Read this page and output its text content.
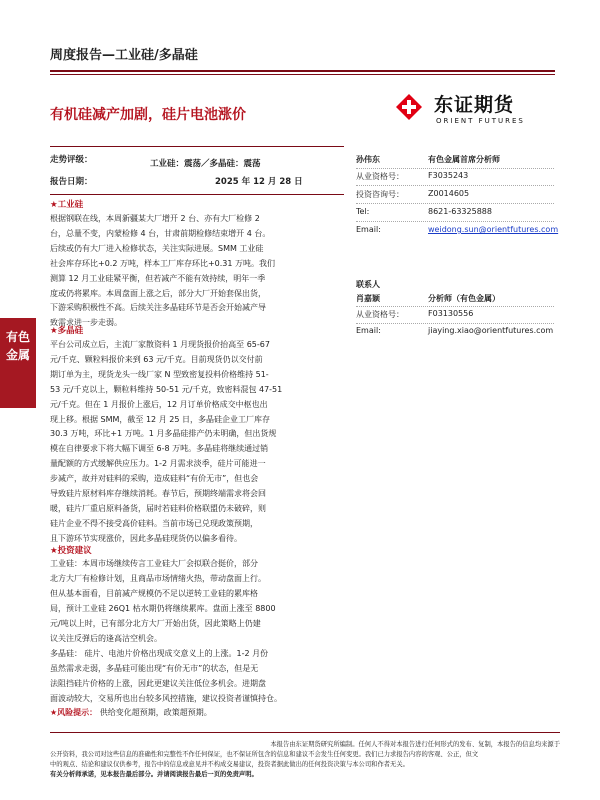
周度报告—工业硅/多晶硅
有机硅减产加剧，硅片电池涨价	东证期货
ORIENT FUTURES
走势评级：	工业硅：震荡／多晶硅：震荡
报告日期：	2025 年 12 月 28 日
有色
金属
★工业硅
根据钢联在线，本周新疆某大厂增开 2 台、亦有大厂检修 2
台，总量不变，内蒙检修 4 台，甘肃前期检修结束增开 4 台。
后续或仍有大厂进入检修状态，关注实际进展。SMM 工业硅
社会库存环比+0.2 万吨，样本工厂库存环比+0.31 万吨。我们
测算 12 月工业硅紧平衡，但若减产不能有效持续，明年一季
度或仍将累库。本周盘面上涨之后，部分大厂开始套保出货，
下游采购积极性不高。后续关注多晶硅环节是否会开始减产导
致需求进一步走弱。
★多晶硅
平台公司成立后，主流厂家散资料 1 月现货报价抬高至 65-67
元/千克、颗粒料报价来到 63 元/千克。目前现货仍以交付前
期订单为主，现货龙头一线厂家 N 型致密复投料价格维持 51-
53 元/千克以上，颗粒料维持 50-51 元/千克，致密料混包 47-51
元/千克。但在 1 月报价上涨后，12 月订单价格成交中枢也出
现上移。根据 SMM，截至 12 月 25 日，多晶硅企业工厂库存
30.3 万吨，环比+1 万吨。1 月多晶硅排产仍未明确，但出货规
模在自律要求下将大幅下调至 6-8 万吨。多晶硅将继续通过销
量配额的方式缓解供应压力。1-2 月需求淡季，硅片可能进一
步减产，故并对硅料的采购，造成硅料“有价无市”，但也会
导致硅片原材料库存继续消耗。春节后，预期终端需求将会回
暖，硅片厂重启原料备货，届时若硅料价格联盟仍未破碎，则
硅片企业不得不接受高价硅料。当前市场已兑现政策预期，
且下游环节实现涨价，因此多晶硅现货仍以偏多看待。
★投资建议
工业硅：本周市场继续传言工业硅大厂会拟联合挺价，部分
北方大厂有检修计划，且商品市场情绪火热，带动盘面上行。
但从基本面看，目前减产规模仍不足以逆转工业硅的累库格
局，预计工业硅 26Q1 枯水期仍将继续累库。盘面上涨至 8800
元/吨以上时，已有部分北方大厂开始出货，因此策略上仍建
议关注反弹后的逢高沽空机会。
多晶硅： 硅片、电池片价格出现成交意义上的上涨。1-2 月份
虽然需求走弱，多晶硅可能出现“有价无市”的状态，但是无
法阻挡硅片价格的上涨，因此更建议关注低位多机会。进期盘
面波动较大，交易所也出台较多风控措施，建议投资者谨慎持仓。
★风险提示： 供给变化超预期，政策超预期。
孙伟东	有色金属首席分析师
从业资格号：	F3035243
投资咨询号：	Z0014605
Tel:	8621-63325888
Email:	weidong.sun@orientfutures.com
联系人
肖嘉颖	分析师（有色金属）
从业资格号：	F03130556
Email:	jiaying.xiao@orientfutures.com
本报告由东证期货研究所编制。任何人不得对本报告进行任何形式的发布、复制，本报告的信息均来源于
公开资料，我公司对这些信息的准确性和完整性不作任何保证，也不保证所包含的信息和建议不会发生任何变更。我们已力求报告内容的客观、公正，但文
中的观点、结论和建议仅供参考，报告中的信息或意见并不构成交易建议，投资者据此做出的任何投资决策与本公司和作者无关。
有关分析师承诺，见本报告最后部分。并请阅读报告最后一页的免责声明。
